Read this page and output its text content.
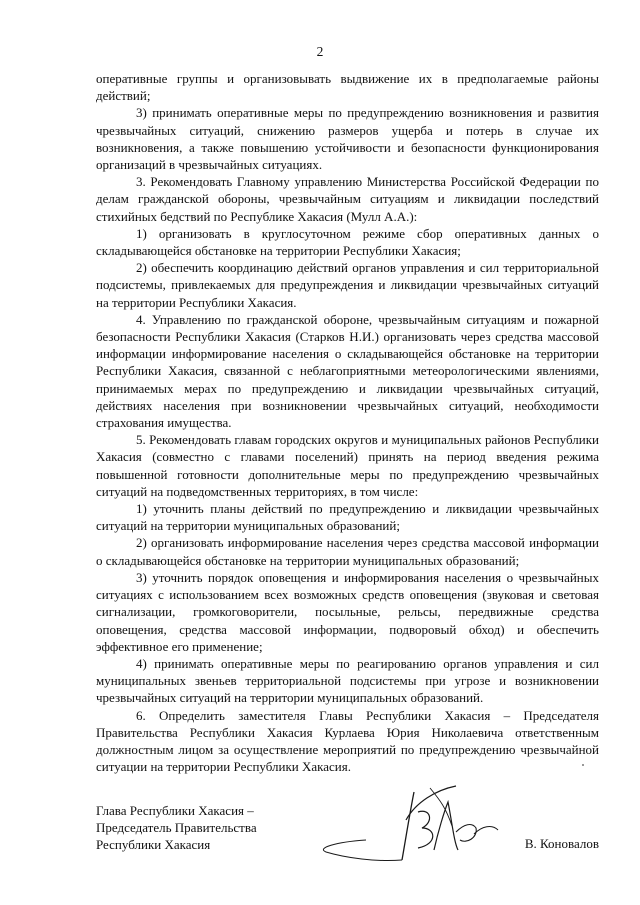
2

оперативные группы и организовывать выдвижение их в предполагаемые районы действий;

3) принимать оперативные меры по предупреждению возникновения и развития чрезвычайных ситуаций, снижению размеров ущерба и потерь в случае их возникновения, а также повышению устойчивости и безопасности функционирования организаций в чрезвычайных ситуациях.

3. Рекомендовать Главному управлению Министерства Российской Федерации по делам гражданской обороны, чрезвычайным ситуациям и ликвидации последствий стихийных бедствий по Республике Хакасия (Мулл А.А.):

1) организовать в круглосуточном режиме сбор оперативных данных о складывающейся обстановке на территории Республики Хакасия;

2) обеспечить координацию действий органов управления и сил территориальной подсистемы, привлекаемых для предупреждения и ликвидации чрезвычайных ситуаций на территории Республики Хакасия.

4. Управлению по гражданской обороне, чрезвычайным ситуациям и пожарной безопасности Республики Хакасия (Старков Н.И.) организовать через средства массовой информации информирование населения о складывающейся обстановке на территории Республики Хакасия, связанной с неблагоприятными метеорологическими явлениями, принимаемых мерах по предупреждению и ликвидации чрезвычайных ситуаций, действиях населения при возникновении чрезвычайных ситуаций, необходимости страхования имущества.

5. Рекомендовать главам городских округов и муниципальных районов Республики Хакасия (совместно с главами поселений) принять на период введения режима повышенной готовности дополнительные меры по предупреждению чрезвычайных ситуаций на подведомственных территориях, в том числе:

1) уточнить планы действий по предупреждению и ликвидации чрезвычайных ситуаций на территории муниципальных образований;

2) организовать информирование населения через средства массовой информации о складывающейся обстановке на территории муниципальных образований;

3) уточнить порядок оповещения и информирования населения о чрезвычайных ситуациях с использованием всех возможных средств оповещения (звуковая и световая сигнализации, громкоговорители, посыльные, рельсы, передвижные средства оповещения, средства массовой информации, подворовый обход) и обеспечить эффективное его применение;

4) принимать оперативные меры по реагированию органов управления и сил муниципальных звеньев территориальной подсистемы при угрозе и возникновении чрезвычайных ситуаций на территории муниципальных образований.

6. Определить заместителя Главы Республики Хакасия – Председателя Правительства Республики Хакасия Курлаева Юрия Николаевича ответственным должностным лицом за осуществление мероприятий по предупреждению чрезвычайной ситуации на территории Республики Хакасия.

Глава Республики Хакасия –
Председатель Правительства
Республики Хакасия	В. Коновалов
